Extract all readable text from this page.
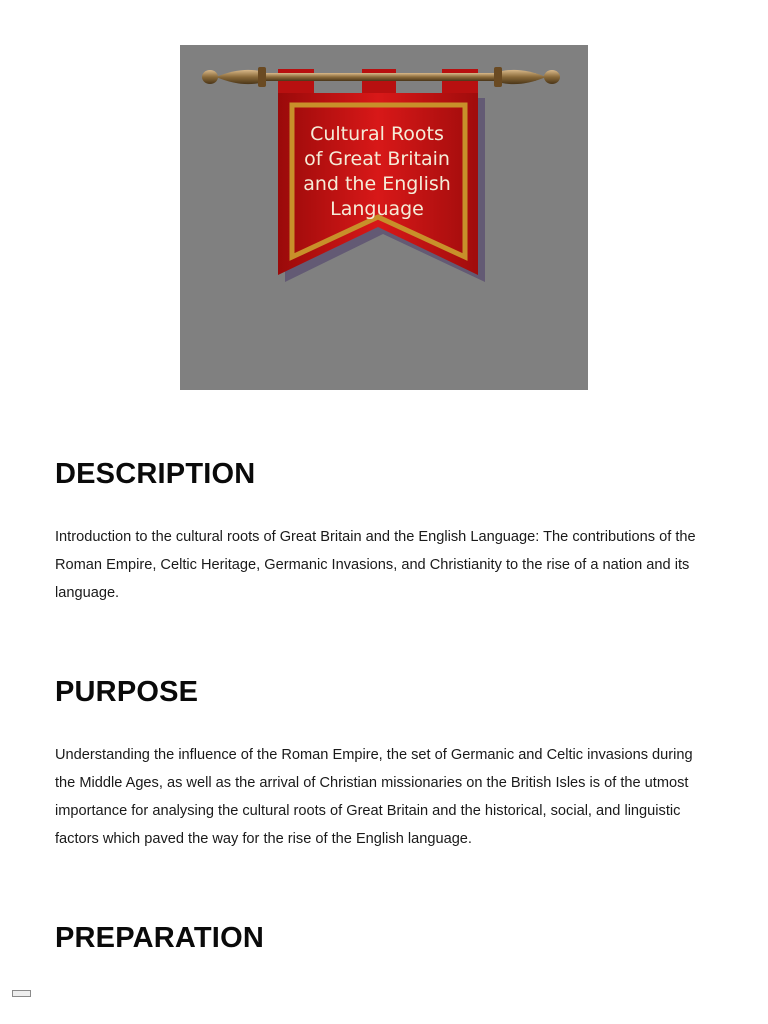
Cultural Roots
of Great Britain
and the English
Language
DESCRIPTION

Introduction to the cultural roots of Great Britain and the English Language: The contributions of the Roman Empire, Celtic Heritage, Germanic Invasions, and Christianity to the rise of a nation and its language.

PURPOSE

Understanding the influence of the Roman Empire, the set of Germanic and Celtic invasions during the Middle Ages, as well as the arrival of Christian missionaries on the British Isles is of the utmost importance for analysing the cultural roots of Great Britain and the historical, social, and linguistic factors which paved the way for the rise of the English language.

PREPARATION
